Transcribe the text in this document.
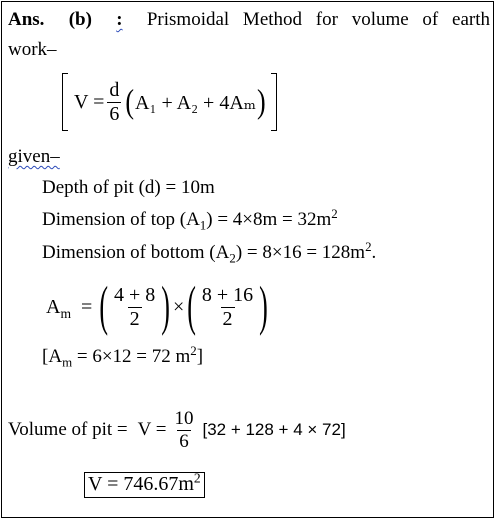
Ans. (b) : Prismoidal Method for volume of earth
work–
$V = \frac{d}{6}$ ( A₁ + A₂ + 4Aₘ )
given–
Depth of pit (d) = 10m
Dimension of top $(A_1) = 4\times 8m = 32m^2$
Dimension of bottom $(A_2) = 8\times 16 = 128m^2$.
$A_m$ = ( $\frac{4 + 8}{2}$ ) × ( $\frac{8 + 16}{2}$ )
[$A_m = 6\times 12 = 72$ $m^2$]
Volume of pit = $V = \frac{10}{6} [32 + 128 + 4 \times 72]$
$V = 746.67m^2$
